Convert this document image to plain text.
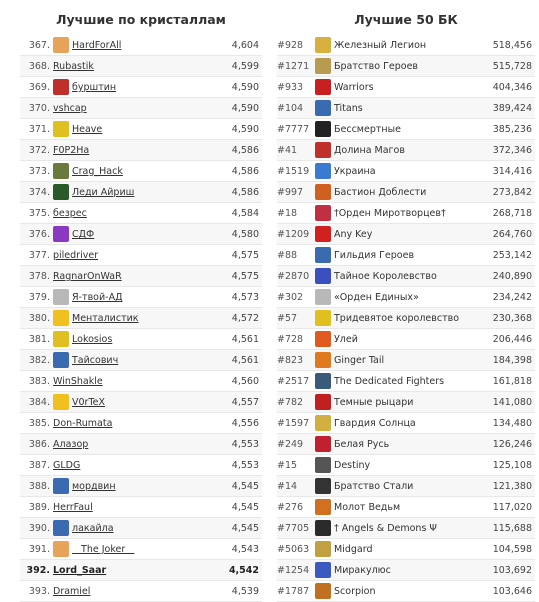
Лучшие по кристаллам
367.	HardForAll	4,604
368. Rubastik	4,599
369.	бурштин	4,590
370. vshcap	4,590
371.	Heave	4,590
372. F0P2Ha	4,586
373.	Crag_Hack	4,586
374.	Леди Айриш	4,586
375. безрес	4,584
376.	СДФ	4,580
377. piledriver	4,575
378. RagnarOnWaR	4,575
379.	Я-твой-АД	4,573
380.	Менталистик	4,572
381.	Lokosios	4,561
382.	Тайсович	4,561
383. WinShakle	4,560
384.	V0rTeX	4,557
385. Don-Rumata	4,556
386. Алазор	4,553
387. GLDG	4,553
388.	мордвин	4,545
389. HerrFaul	4,545
390.	лакайла	4,545
391.	The Joker	4,543
392. Lord_Saar	4,542
393. Dramiel	4,539
Лучшие 50 БК
#928	Железный Легион	518,456
#1271	Братство Героев	515,728
#933	Warriors	404,346
#104	Titans	389,424
#7777	Бессмертные	385,236
#41	Долина Магов	372,346
#1519	Украина	314,416
#997	Бастион Доблести	273,842
#18	†Орден Миротворцев†	268,718
#1209	Any Key	264,760
#88	Гильдия Героев	253,142
#2870	Тайное Королевство	240,890
#302	«Орден Единых»	234,242
#57	Тридевятое королевство	230,368
#728	Улей	206,446
#823	Ginger Tail	184,398
#2517	The Dedicated Fighters	161,818
#782	Темные рыцари	141,080
#1597	Гвардия Солнца	134,480
#249	Белая Русь	126,246
#15	Destiny	125,108
#14	Братство Стали	121,380
#276	Молот Ведьм	117,020
#7705	† Angels & Demons Ψ	115,688
#5063	Midgard	104,598
#1254	Миракулюс	103,692
#1787	Scorpion	103,646
